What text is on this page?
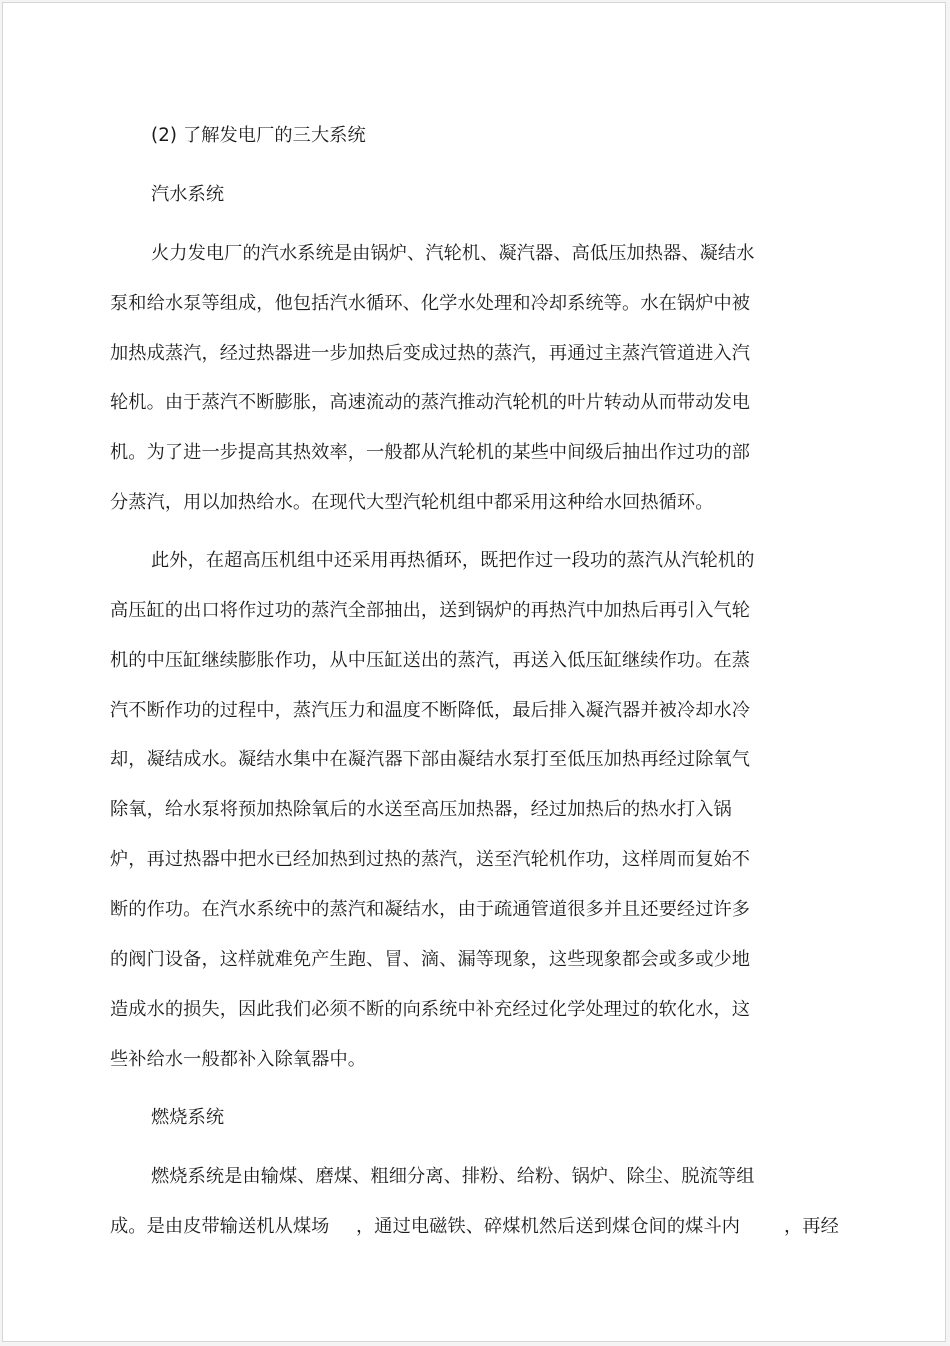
(2) 了解发电厂的三大系统
汽水系统
火力发电厂的汽水系统是由锅炉、汽轮机、凝汽器、高低压加热器、凝结水
泵和给水泵等组成，他包括汽水循环、化学水处理和冷却系统等。水在锅炉中被
加热成蒸汽，经过热器进一步加热后变成过热的蒸汽，再通过主蒸汽管道进入汽
轮机。由于蒸汽不断膨胀，高速流动的蒸汽推动汽轮机的叶片转动从而带动发电
机。为了进一步提高其热效率，一般都从汽轮机的某些中间级后抽出作过功的部
分蒸汽，用以加热给水。在现代大型汽轮机组中都采用这种给水回热循环。
此外，在超高压机组中还采用再热循环，既把作过一段功的蒸汽从汽轮机的
高压缸的出口将作过功的蒸汽全部抽出，送到锅炉的再热汽中加热后再引入气轮
机的中压缸继续膨胀作功，从中压缸送出的蒸汽，再送入低压缸继续作功。在蒸
汽不断作功的过程中，蒸汽压力和温度不断降低，最后排入凝汽器并被冷却水冷
却，凝结成水。凝结水集中在凝汽器下部由凝结水泵打至低压加热再经过除氧气
除氧，给水泵将预加热除氧后的水送至高压加热器，经过加热后的热水打入锅
炉，再过热器中把水已经加热到过热的蒸汽，送至汽轮机作功，这样周而复始不
断的作功。在汽水系统中的蒸汽和凝结水，由于疏通管道很多并且还要经过许多
的阀门设备，这样就难免产生跑、冒、滴、漏等现象，这些现象都会或多或少地
造成水的损失，因此我们必须不断的向系统中补充经过化学处理过的软化水，这
些补给水一般都补入除氧器中。
燃烧系统
燃烧系统是由输煤、磨煤、粗细分离、排粉、给粉、锅炉、除尘、脱流等组
成。是由皮带输送机从煤场 ，通过电磁铁、碎煤机然后送到煤仓间的煤斗内 ，再经
